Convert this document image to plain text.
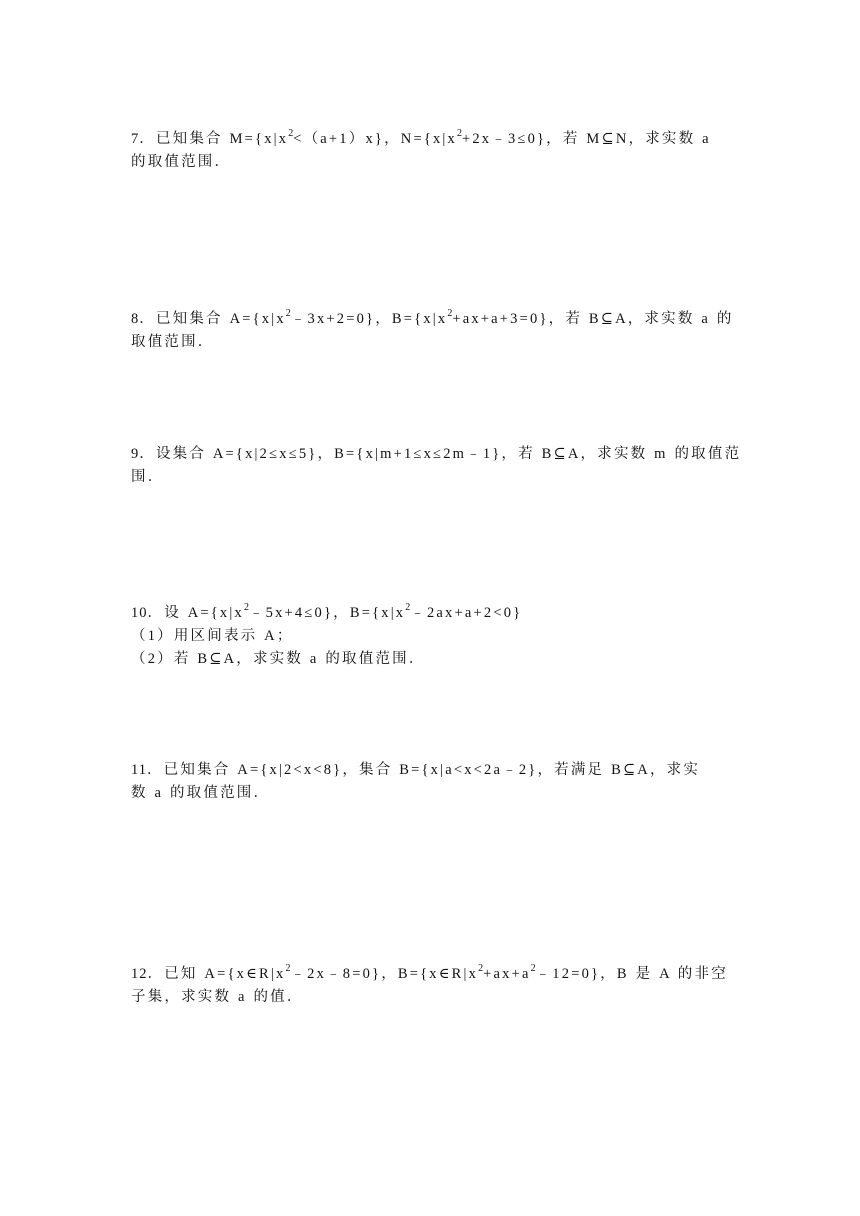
7．已知集合 $M=\{x|x^2<(a+1)x\}$，$N=\{x|x^2+2x﹣3\le 0\}$，若 M⊆N，求实数 a
的取值范围．
8．已知集合 $A=\{x|x^2﹣3x+2=0\}$，$B=\{x|x^2+ax+a+3=0\}$，若 B⊆A，求实数 a 的
取值范围．
9．设集合 A={x|2≤x≤5}，B={x|m+1≤x≤2m﹣1}，若 B⊆A，求实数 m 的取值范
围．
10．设 $A=\{x|x^2﹣5x+4\le 0\}$，$B=\{x|x^2﹣2ax+a+2<0\}$
（1）用区间表示 A；
（2）若 B⊆A，求实数 a 的取值范围．
11．已知集合 A={x|2<x<8}，集合 B={x|a<x<2a﹣2}，若满足 B⊆A，求实
数 a 的取值范围．
12．已知 $A=\{x\in R|x^2﹣2x﹣8=0\}$，$B=\{x\in R|x^2+ax+a^2﹣12=0\}$，B 是 A 的非空
子集，求实数 a 的值．
